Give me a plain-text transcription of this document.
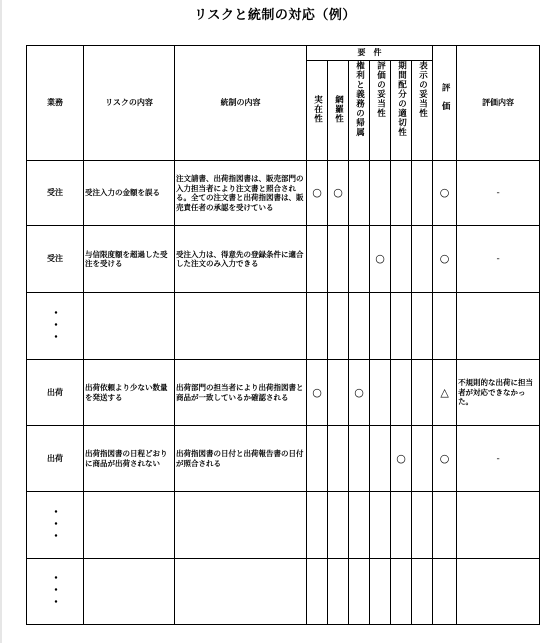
リスクと統制の対応（例）
業務	リスクの内容	統制の内容	要　件						評価	評価内容
			実在性	網羅性	権利と義務の帰属	評価の妥当性	期間配分の適切性	表示の妥当性		
受注	受注入力の金額を誤る	注文請書、出荷指図書は、販売部門の入力担当者により注文書と照合される。全ての注文書と出荷指図書は、販売責任者の承認を受けている	○	○					○	-
受注	与信限度額を超過した受注を受ける	受注入力は、得意先の登録条件に適合した注文のみ入力できる				○			○	-
・・・										
出荷	出荷依頼より少ない数量を発送する	出荷部門の担当者により出荷指図書と商品が一致しているか確認される	○		○				△	不規則的な出荷に担当者が対応できなかった。
出荷	出荷指図書の日程どおりに商品が出荷されない	出荷指図書の日付と出荷報告書の日付が照合される					○		○	-
・・・										
・・・										
